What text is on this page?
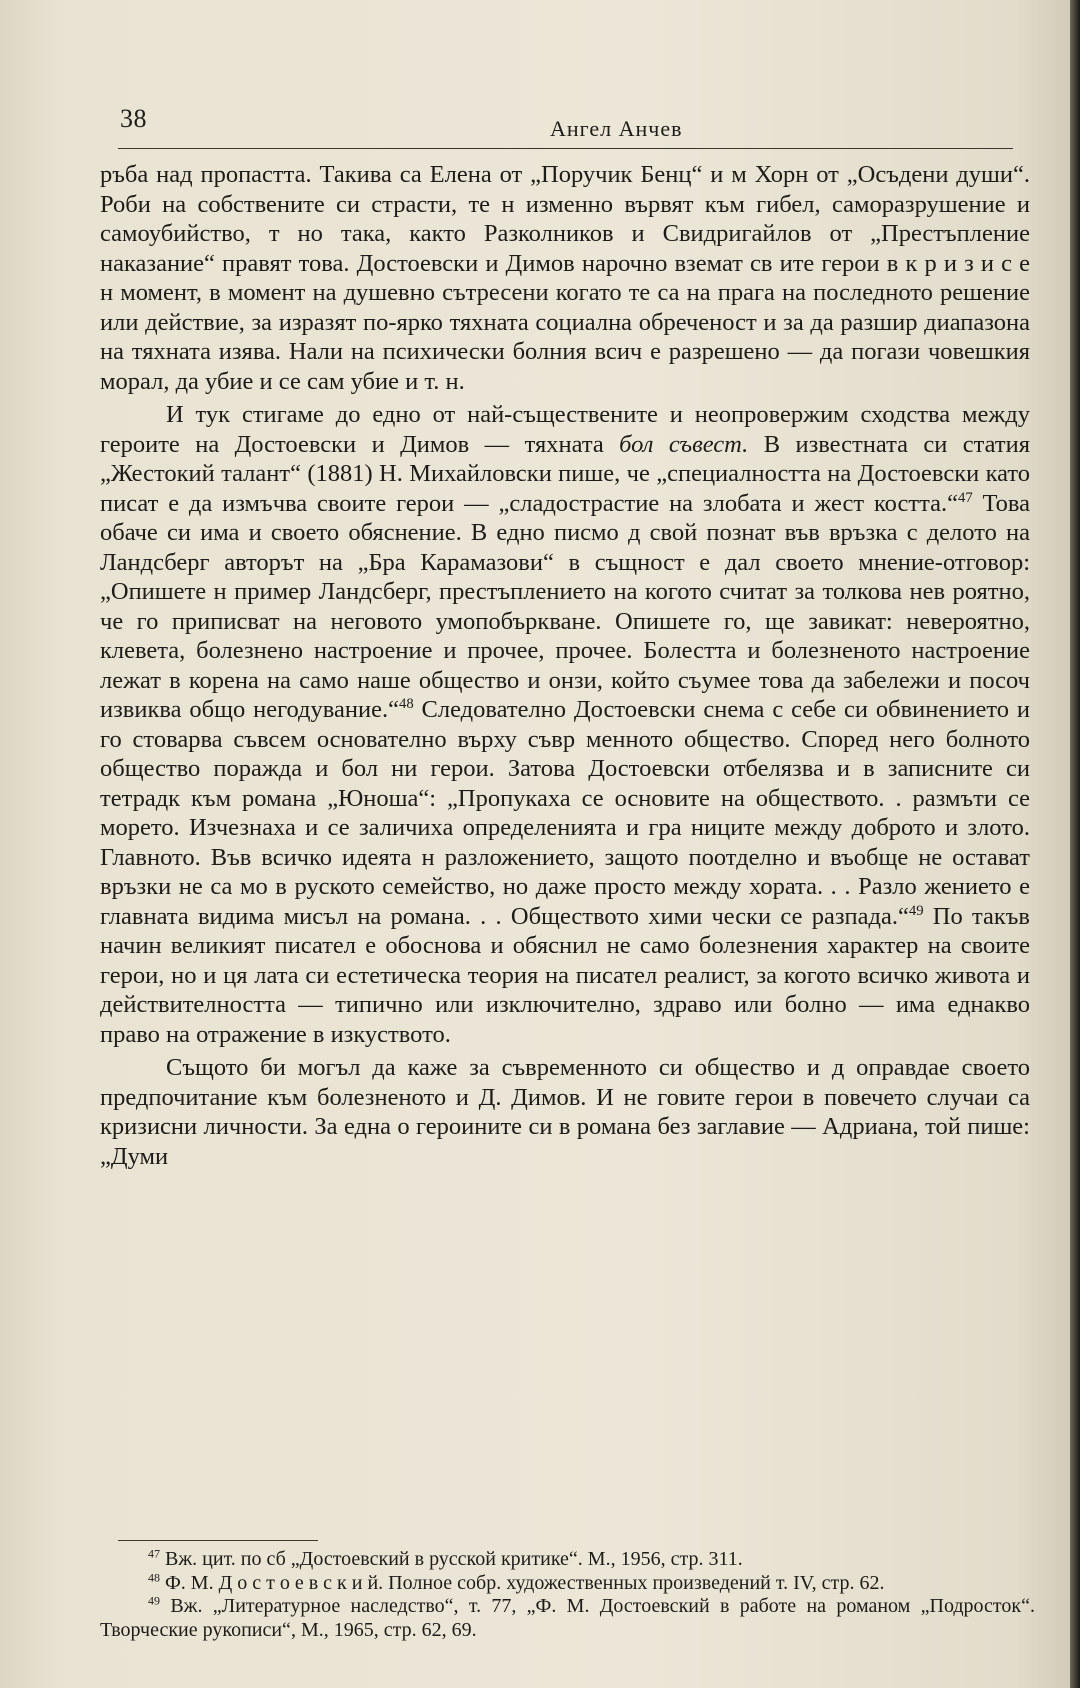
38	Ангел Анчев

ръба над пропастта. Такива са Елена от „Поручик Бенц“ и м Хорн от „Осъдени души“. Роби на собствените си страсти, те н изменно вървят към гибел, саморазрушение и самоубийство, т но така, както Разколников и Свидригайлов от „Престъпление наказание“ правят това. Достоевски и Димов нарочно вземат св ите герои в к р и з и с е н момент, в момент на душевно сътресени когато те са на прага на последното решение или действие, за изразят по-ярко тяхната социална обреченост и за да разшир диапазона на тяхната изява. Нали на психически болния всич е разрешено — да погази човешкия морал, да убие и се сам убие и т. н.

И тук стигаме до едно от най-съществените и неопровержим сходства между героите на Достоевски и Димов — тяхната бол съвест. В известната си статия „Жестокий талант“ (1881) Н. Михайловски пише, че „специалността на Достоевски като писат е да измъчва своите герои — „сладострастие на злобата и жест костта.“$^{47}$ Това обаче си има и своето обяснение. В едно писмо д свой познат във връзка с делото на Ландсберг авторът на „Бра Карамазови“ в същност е дал своето мнение-отговор: „Опишете н пример Ландсберг, престъплението на когото считат за толкова нев роятно, че го приписват на неговото умопобъркване. Опишете го, ще завикат: невероятно, клевета, болезнено настроение и прочее, прочее. Болестта и болезненото настроение лежат в корена на само наше общество и онзи, който съумее това да забележи и посоч извиква общо негодувание.“$^{48}$ Следователно Достоевски снема с себе си обвинението и го стоварва съвсем основателно върху съвр менното общество. Според него болното общество поражда и бол ни герои. Затова Достоевски отбелязва и в записните си тетрадк към романа „Юноша“: „Пропукаха се основите на обществото. . размъти се морето. Изчезнаха и се заличиха определенията и гра ниците между доброто и злото. Главното. Във всичко идеята н разложението, защото поотделно и въобще не остават връзки не са мо в руското семейство, но даже просто между хората. . . Разло жението е главната видима мисъл на романа. . . Обществото хими чески се разпада.“$^{49}$ По такъв начин великият писател е обоснова и обяснил не само болезнения характер на своите герои, но и ця лата си естетическа теория на писател реалист, за когото всичко живота и действителността — типично или изключително, здраво или болно — има еднакво право на отражение в изкуството.

Същото би могъл да каже за съвременното си общество и д оправдае своето предпочитание към болезненото и Д. Димов. И не говите герои в повечето случаи са кризисни личности. За една о героините си в романа без заглавие — Адриана, той пише: „Думи

$^{47}$ Вж. цит. по сб „Достоевский в русской критике“. М., 1956, стр. 311.

$^{48}$ Ф. М. Д о с т о е в с к и й. Полное собр. художественных произведений т. IV, стр. 62.

$^{49}$ Вж. „Литературное наследство“, т. 77, „Ф. М. Достоевский в работе на романом „Подросток“. Творческие рукописи“, М., 1965, стр. 62, 69.
